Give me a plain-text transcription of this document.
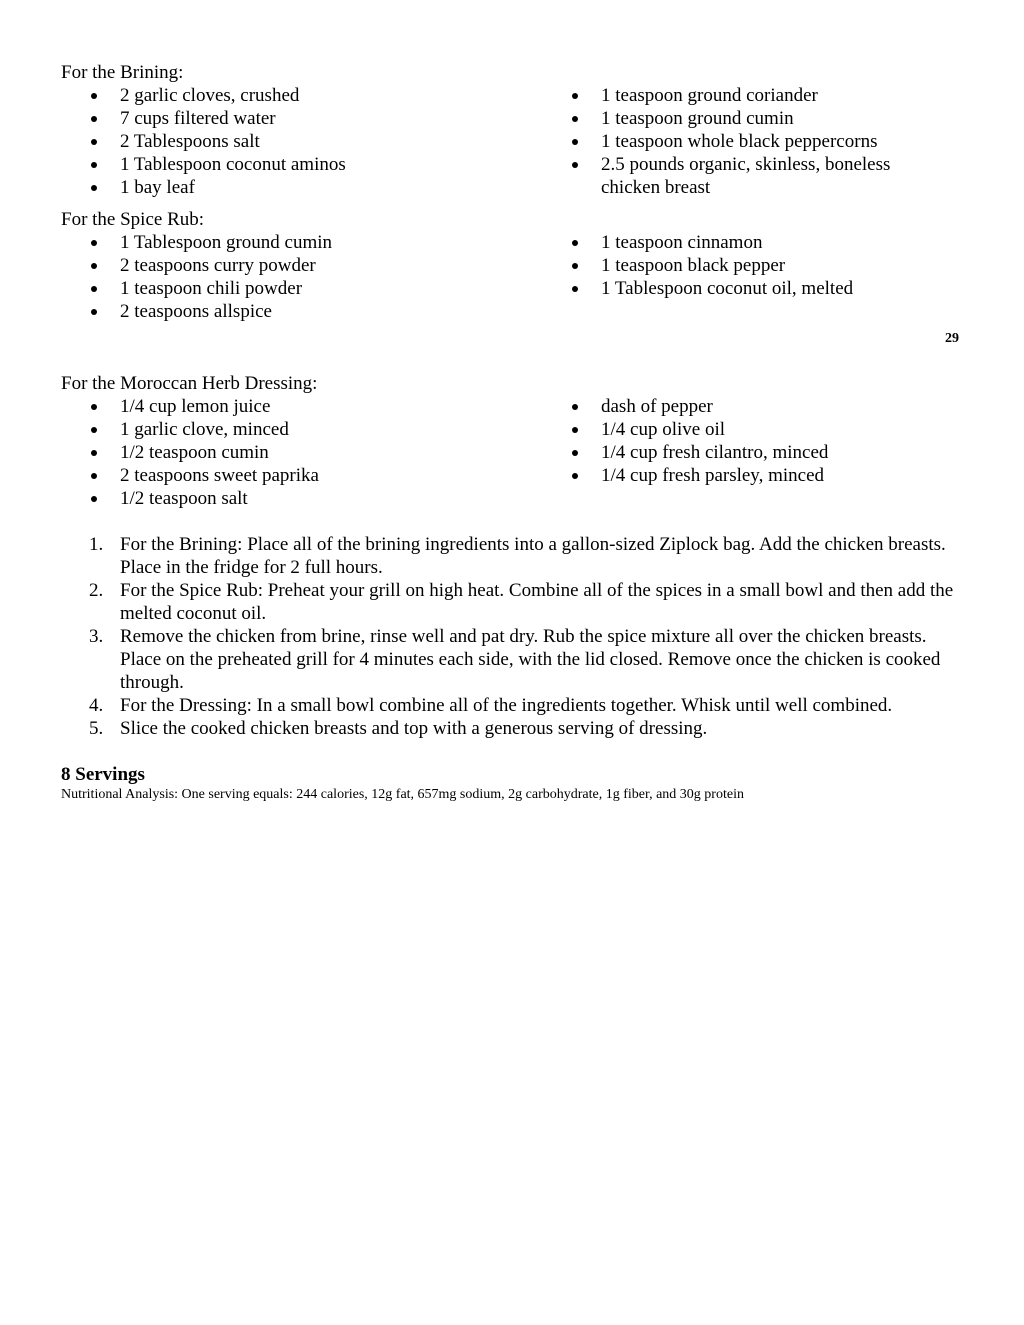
For the Brining:

2 garlic cloves, crushed
7 cups filtered water
2 Tablespoons salt
1 Tablespoon coconut aminos
1 bay leaf
1 teaspoon ground coriander
1 teaspoon ground cumin
1 teaspoon whole black peppercorns
2.5 pounds organic, skinless, boneless chicken breast

For the Spice Rub:

1 Tablespoon ground cumin
2 teaspoons curry powder
1 teaspoon chili powder
2 teaspoons allspice
1 teaspoon cinnamon
1 teaspoon black pepper
1 Tablespoon coconut oil, melted
29

For the Moroccan Herb Dressing:

1/4 cup lemon juice
1 garlic clove, minced
1/2 teaspoon cumin
2 teaspoons sweet paprika
1/2 teaspoon salt
dash of pepper
1/4 cup olive oil
1/4 cup fresh cilantro, minced
1/4 cup fresh parsley, minced
1. For the Brining: Place all of the brining ingredients into a gallon-sized Ziplock bag. Add the chicken breasts. Place in the fridge for 2 full hours.
2. For the Spice Rub: Preheat your grill on high heat. Combine all of the spices in a small bowl and then add the melted coconut oil.
3. Remove the chicken from brine, rinse well and pat dry. Rub the spice mixture all over the chicken breasts. Place on the preheated grill for 4 minutes each side, with the lid closed. Remove once the chicken is cooked through.
4. For the Dressing: In a small bowl combine all of the ingredients together. Whisk until well combined.
5. Slice the cooked chicken breasts and top with a generous serving of dressing.
8 Servings
Nutritional Analysis: One serving equals: 244 calories, 12g fat, 657mg sodium, 2g carbohydrate, 1g fiber, and 30g protein
